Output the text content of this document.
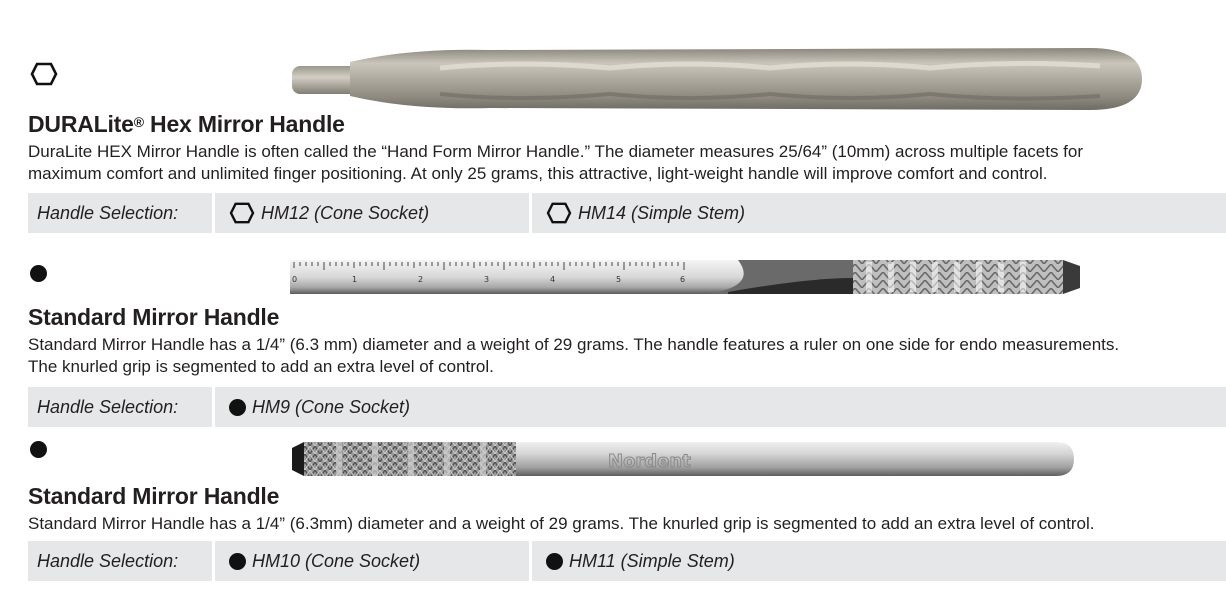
DURALite® Hex Mirror Handle
DuraLite HEX Mirror Handle is often called the “Hand Form Mirror Handle.” The diameter measures 25/64” (10mm) across multiple facets for
maximum comfort and unlimited finger positioning. At only 25 grams, this attractive, light-weight handle will improve comfort and control.
Handle Selection:	HM12 (Cone Socket)	HM14 (Simple Stem)
0	1	2	3	4	5	6
Standard Mirror Handle
Standard Mirror Handle has a 1/4” (6.3 mm) diameter and a weight of 29 grams. The handle features a ruler on one side for endo measurements.
The knurled grip is segmented to add an extra level of control.
Handle Selection:	HM9 (Cone Socket)
Nordent
Standard Mirror Handle
Standard Mirror Handle has a 1/4” (6.3mm) diameter and a weight of 29 grams. The knurled grip is segmented to add an extra level of control.
Handle Selection:	HM10 (Cone Socket)	HM11 (Simple Stem)
